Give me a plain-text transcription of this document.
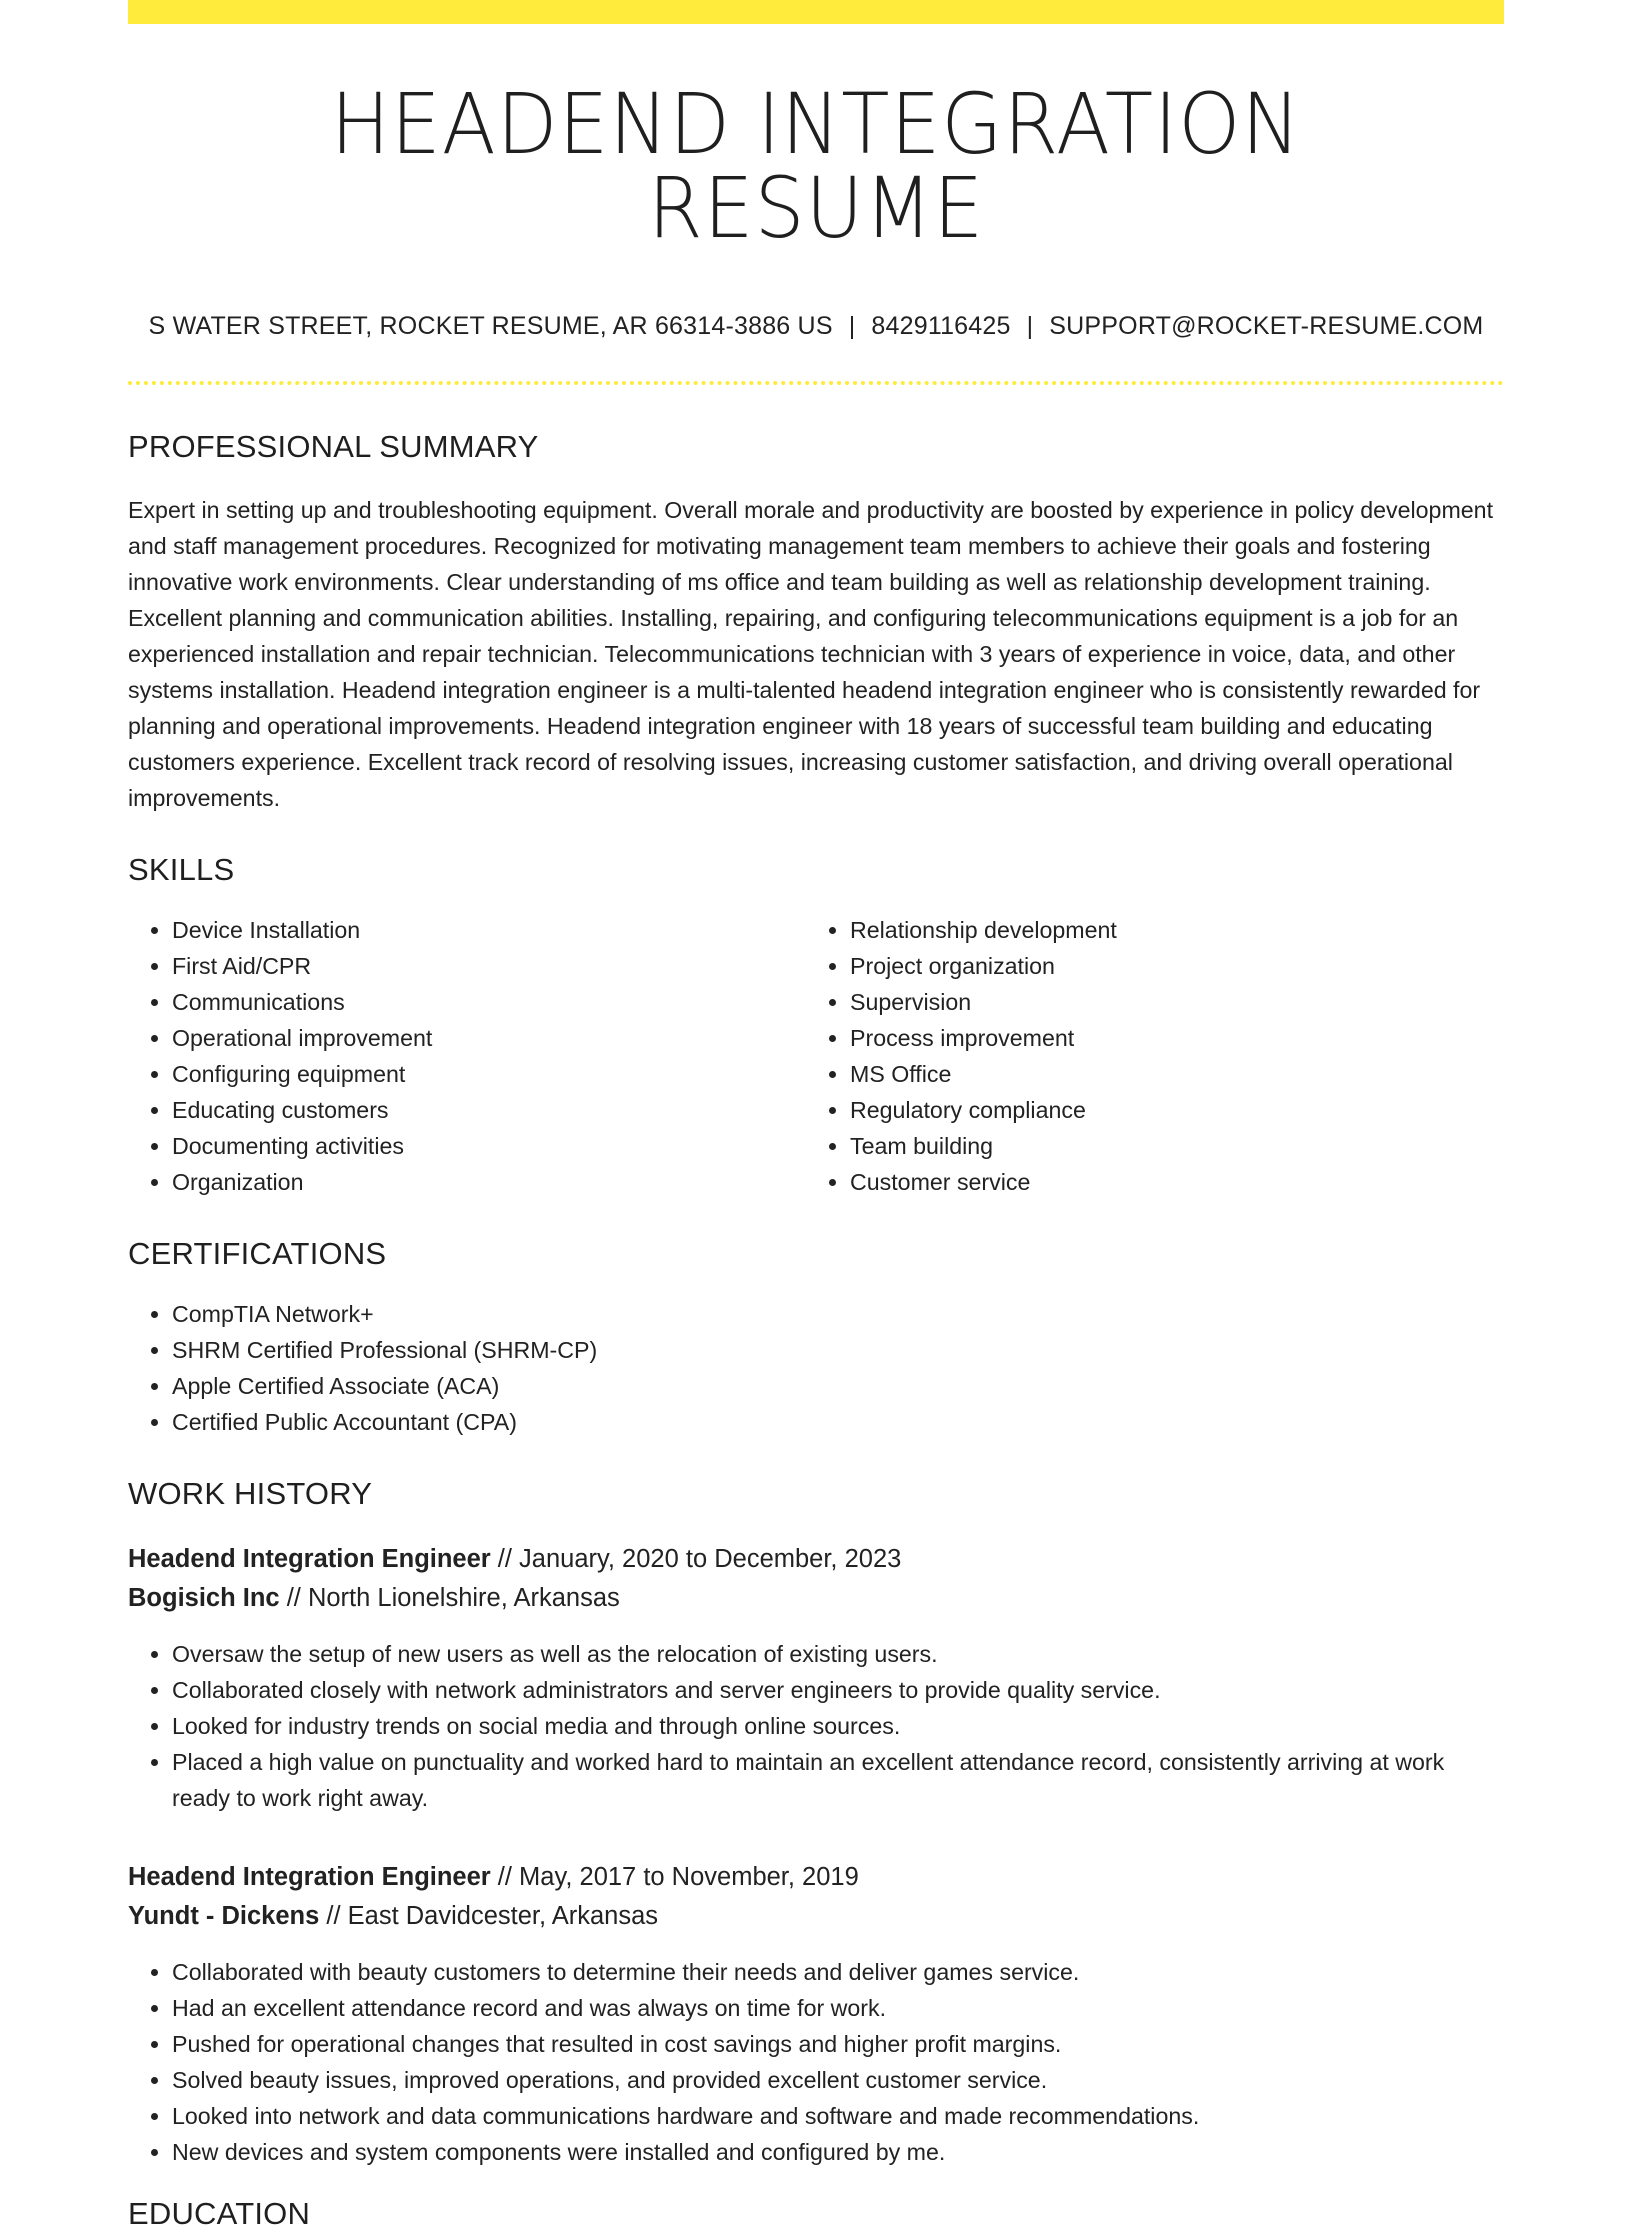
HEADEND INTEGRATION RESUME
S WATER STREET, ROCKET RESUME, AR 66314-3886 US | 8429116425 | SUPPORT@ROCKET-RESUME.COM
PROFESSIONAL SUMMARY
Expert in setting up and troubleshooting equipment. Overall morale and productivity are boosted by experience in policy development and staff management procedures. Recognized for motivating management team members to achieve their goals and fostering innovative work environments. Clear understanding of ms office and team building as well as relationship development training. Excellent planning and communication abilities. Installing, repairing, and configuring telecommunications equipment is a job for an experienced installation and repair technician. Telecommunications technician with 3 years of experience in voice, data, and other systems installation. Headend integration engineer is a multi-talented headend integration engineer who is consistently rewarded for planning and operational improvements. Headend integration engineer with 18 years of successful team building and educating customers experience. Excellent track record of resolving issues, increasing customer satisfaction, and driving overall operational improvements.
SKILLS
• Device Installation
• First Aid/CPR
• Communications
• Operational improvement
• Configuring equipment
• Educating customers
• Documenting activities
• Organization
• Relationship development
• Project organization
• Supervision
• Process improvement
• MS Office
• Regulatory compliance
• Team building
• Customer service
CERTIFICATIONS
• CompTIA Network+
• SHRM Certified Professional (SHRM-CP)
• Apple Certified Associate (ACA)
• Certified Public Accountant (CPA)
WORK HISTORY
Headend Integration Engineer // January, 2020 to December, 2023
Bogisich Inc // North Lionelshire, Arkansas
• Oversaw the setup of new users as well as the relocation of existing users.
• Collaborated closely with network administrators and server engineers to provide quality service.
• Looked for industry trends on social media and through online sources.
• Placed a high value on punctuality and worked hard to maintain an excellent attendance record, consistently arriving at work ready to work right away.
Headend Integration Engineer // May, 2017 to November, 2019
Yundt - Dickens // East Davidcester, Arkansas
• Collaborated with beauty customers to determine their needs and deliver games service.
• Had an excellent attendance record and was always on time for work.
• Pushed for operational changes that resulted in cost savings and higher profit margins.
• Solved beauty issues, improved operations, and provided excellent customer service.
• Looked into network and data communications hardware and software and made recommendations.
• New devices and system components were installed and configured by me.
EDUCATION
